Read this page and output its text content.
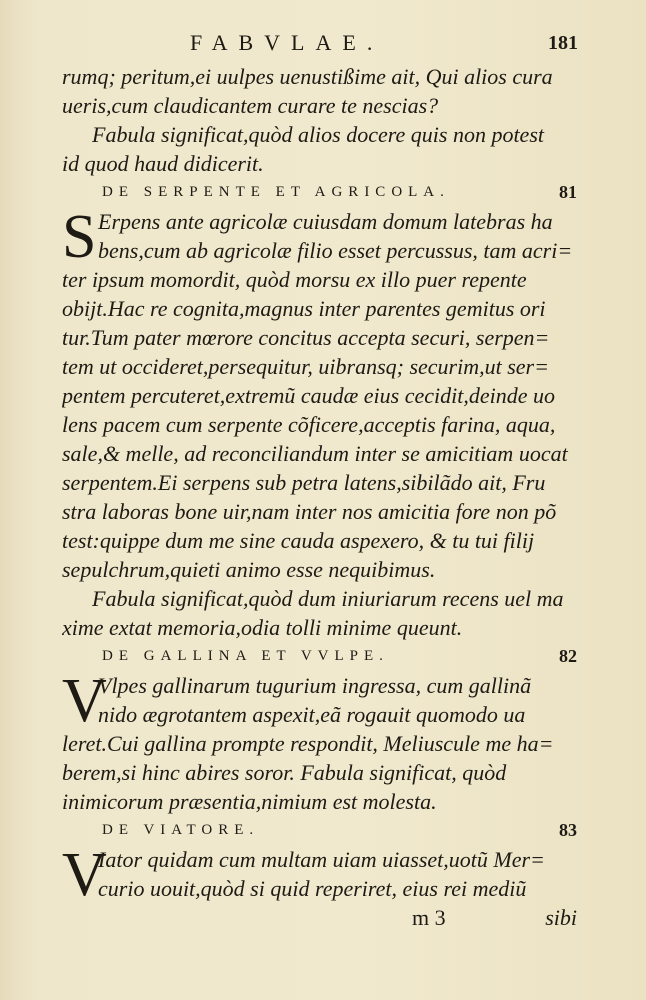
FABVLAE.	181
rumq; peritum,ei uulpes uenustißime ait, Qui alios cura
ueris,cum claudicantem curare te nescias?
Fabula significat,quòd alios docere quis non potest
id quod haud didicerit.
DE SERPENTE ET AGRICOLA.	81
S Erpens ante agricolæ cuiusdam domum latebras ha
bens,cum ab agricolæ filio esset percussus, tam acri=
ter ipsum momordit, quòd morsu ex illo puer repente
obijt.Hac re cognita,magnus inter parentes gemitus ori
tur.Tum pater mœrore concitus accepta securi, serpen=
tem ut occideret,persequitur, uibransq; securim,ut ser=
pentem percuteret,extremũ caudæ eius cecidit,deinde uo
lens pacem cum serpente cõficere,acceptis farina, aqua,
sale,& melle, ad reconciliandum inter se amicitiam uocat
serpentem.Ei serpens sub petra latens,sibilãdo ait, Fru
stra laboras bone uir,nam inter nos amicitia fore non põ
test:quippe dum me sine cauda aspexero, & tu tui filij
sepulchrum,quieti animo esse nequibimus.
Fabula significat,quòd dum iniuriarum recens uel ma
xime extat memoria,odia tolli minime queunt.
DE GALLINA ET VVLPE.	82
V
Vlpes gallinarum tugurium ingressa, cum gallinã
nido ægrotantem aspexit,eã rogauit quomodo ua
leret.Cui gallina prompte respondit, Meliuscule me ha=
berem,si hinc abires soror. Fabula significat, quòd
inimicorum præsentia,nimium est molesta.
DE VIATORE.	83
V
Iator quidam cum multam uiam uiasset,uotũ Mer=
curio uouit,quòd si quid reperiret, eius rei mediũ
m 3	sibi
